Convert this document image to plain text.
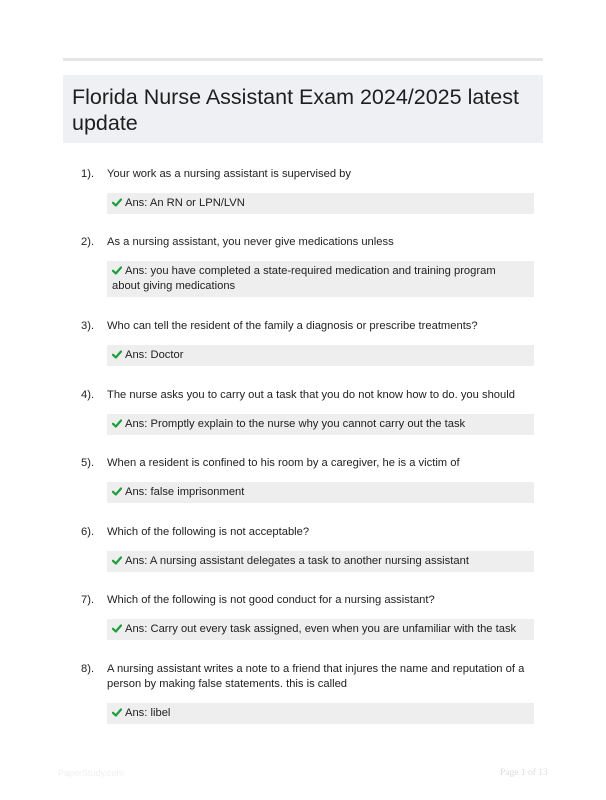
Florida Nurse Assistant Exam 2024/2025 latest update
1). Your work as a nursing assistant is supervised by
Ans: An RN or LPN/LVN
2). As a nursing assistant, you never give medications unless
Ans: you have completed a state-required medication and training program about giving medications
3). Who can tell the resident of the family a diagnosis or prescribe treatments?
Ans: Doctor
4). The nurse asks you to carry out a task that you do not know how to do. you should
Ans: Promptly explain to the nurse why you cannot carry out the task
5). When a resident is confined to his room by a caregiver, he is a victim of
Ans: false imprisonment
6). Which of the following is not acceptable?
Ans: A nursing assistant delegates a task to another nursing assistant
7). Which of the following is not good conduct for a nursing assistant?
Ans: Carry out every task assigned, even when you are unfamiliar with the task
8). A nursing assistant writes a note to a friend that injures the name and reputation of a person by making false statements. this is called
Ans: libel
PaperStudy.com	Page 1 of 13
